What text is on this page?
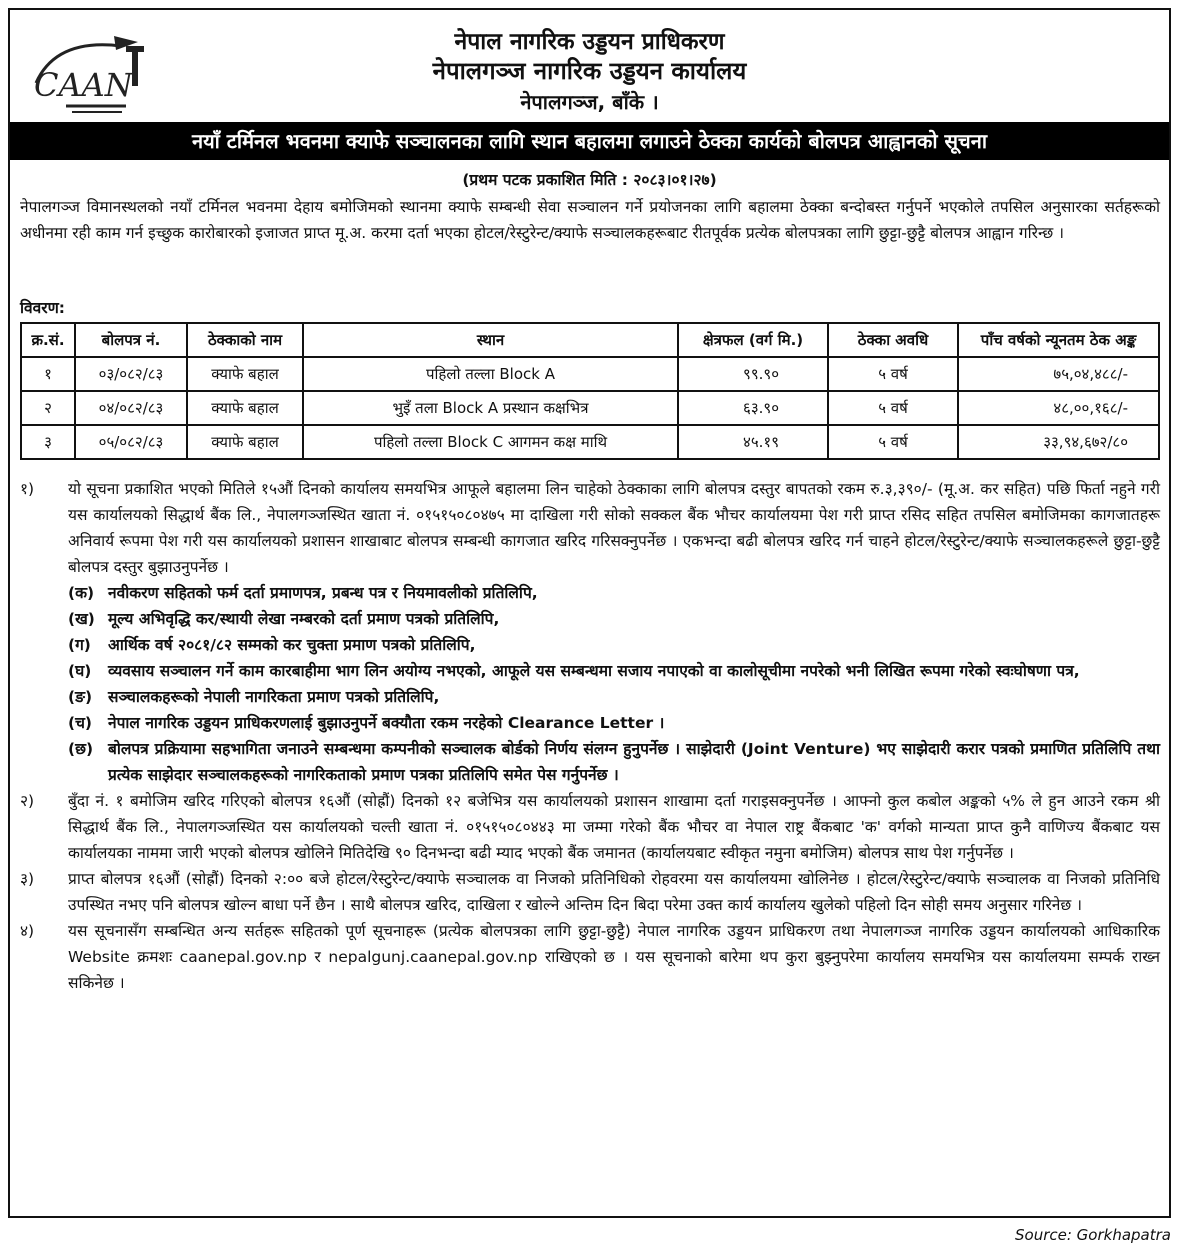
CAAN
नेपाल नागरिक उड्डयन प्राधिकरण
नेपालगञ्ज नागरिक उड्डयन कार्यालय
नेपालगञ्ज, बाँके ।
नयाँ टर्मिनल भवनमा क्याफे सञ्चालनका लागि स्थान बहालमा लगाउने ठेक्का कार्यको बोलपत्र आह्वानको सूचना
(प्रथम पटक प्रकाशित मिति : २०८३।०१।२७)

नेपालगञ्ज विमानस्थलको नयाँ टर्मिनल भवनमा देहाय बमोजिमको स्थानमा क्याफे सम्बन्धी सेवा सञ्चालन गर्ने प्रयोजनका लागि बहालमा ठेक्का बन्दोबस्त गर्नुपर्ने भएकोले तपसिल अनुसारका सर्तहरूको अधीनमा रही काम गर्न इच्छुक कारोबारको इजाजत प्राप्त मू.अ. करमा दर्ता भएका होटल/रेस्टुरेन्ट/क्याफे सञ्चालकहरूबाट रीतपूर्वक प्रत्येक बोलपत्रका लागि छुट्टा-छुट्टै बोलपत्र आह्वान गरिन्छ ।

विवरण:
क्र.सं.	बोलपत्र नं.	ठेक्काको नाम	स्थान	क्षेत्रफल (वर्ग मि.)	ठेक्का अवधि	पाँच वर्षको न्यूनतम ठेक अङ्क
१	०३/०८२/८३	क्याफे बहाल	पहिलो तल्ला Block A	९९.९०	५ वर्ष	७५,०४,४८८/-
२	०४/०८२/८३	क्याफे बहाल	भुइँ तला Block A प्रस्थान कक्षभित्र	६३.९०	५ वर्ष	४८,००,१६८/-
३	०५/०८२/८३	क्याफे बहाल	पहिलो तल्ला Block C आगमन कक्ष माथि	४५.१९	५ वर्ष	३३,९४,६७२/८०
१)	यो सूचना प्रकाशित भएको मितिले १५औं दिनको कार्यालय समयभित्र आफूले बहालमा लिन चाहेको ठेक्काका लागि बोलपत्र दस्तुर बापतको रकम रु.३,३९०/- (मू.अ. कर सहित) पछि फिर्ता नहुने गरी यस कार्यालयको सिद्धार्थ बैंक लि., नेपालगञ्जस्थित खाता नं. ०१५१५०८०४७५ मा दाखिला गरी सोको सक्कल बैंक भौचर कार्यालयमा पेश गरी प्राप्त रसिद सहित तपसिल बमोजिमका कागजातहरू अनिवार्य रूपमा पेश गरी यस कार्यालयको प्रशासन शाखाबाट बोलपत्र सम्बन्धी कागजात खरिद गरिसक्नुपर्नेछ । एकभन्दा बढी बोलपत्र खरिद गर्न चाहने होटल/रेस्टुरेन्ट/क्याफे सञ्चालकहरूले छुट्टा-छुट्टै बोलपत्र दस्तुर बुझाउनुपर्नेछ ।

(क) नवीकरण सहितको फर्म दर्ता प्रमाणपत्र, प्रबन्ध पत्र र नियमावलीको प्रतिलिपि,

(ख) मूल्य अभिवृद्धि कर/स्थायी लेखा नम्बरको दर्ता प्रमाण पत्रको प्रतिलिपि,

(ग)	आर्थिक वर्ष २०८१/८२ सम्मको कर चुक्ता प्रमाण पत्रको प्रतिलिपि,

(घ)	व्यवसाय सञ्चालन गर्ने काम कारबाहीमा भाग लिन अयोग्य नभएको, आफूले यस सम्बन्धमा सजाय नपाएको वा कालोसूचीमा नपरेको भनी लिखित रूपमा गरेको स्वःघोषणा पत्र,

(ङ)	सञ्चालकहरूको नेपाली नागरिकता प्रमाण पत्रको प्रतिलिपि,

(च)	नेपाल नागरिक उड्डयन प्राधिकरणलाई बुझाउनुपर्ने बक्यौता रकम नरहेको Clearance Letter ।

(छ) बोलपत्र प्रक्रियामा सहभागिता जनाउने सम्बन्धमा कम्पनीको सञ्चालक बोर्डको निर्णय संलग्न हुनुपर्नेछ । साझेदारी (Joint Venture) भए साझेदारी करार पत्रको प्रमाणित प्रतिलिपि तथा प्रत्येक साझेदार सञ्चालकहरूको नागरिकताको प्रमाण पत्रका प्रतिलिपि समेत पेस गर्नुपर्नेछ ।

२)	बुँदा नं. १ बमोजिम खरिद गरिएको बोलपत्र १६औं (सोह्रौं) दिनको १२ बजेभित्र यस कार्यालयको प्रशासन शाखामा दर्ता गराइसक्नुपर्नेछ । आफ्नो कुल कबोल अङ्कको ५% ले हुन आउने रकम श्री सिद्धार्थ बैंक लि., नेपालगञ्जस्थित यस कार्यालयको चल्ती खाता नं. ०१५१५०८०४४३ मा जम्मा गरेको बैंक भौचर वा नेपाल राष्ट्र बैंकबाट 'क' वर्गको मान्यता प्राप्त कुनै वाणिज्य बैंकबाट यस कार्यालयका नाममा जारी भएको बोलपत्र खोलिने मितिदेखि ९० दिनभन्दा बढी म्याद भएको बैंक जमानत (कार्यालयबाट स्वीकृत नमुना बमोजिम) बोलपत्र साथ पेश गर्नुपर्नेछ ।

३)	प्राप्त बोलपत्र १६औं (सोह्रौं) दिनको २:०० बजे होटल/रेस्टुरेन्ट/क्याफे सञ्चालक वा निजको प्रतिनिधिको रोहवरमा यस कार्यालयमा खोलिनेछ । होटल/रेस्टुरेन्ट/क्याफे सञ्चालक वा निजको प्रतिनिधि उपस्थित नभए पनि बोलपत्र खोल्न बाधा पर्ने छैन । साथै बोलपत्र खरिद, दाखिला र खोल्ने अन्तिम दिन बिदा परेमा उक्त कार्य कार्यालय खुलेको पहिलो दिन सोही समय अनुसार गरिनेछ ।

४)	यस सूचनासँग सम्बन्धित अन्य सर्तहरू सहितको पूर्ण सूचनाहरू (प्रत्येक बोलपत्रका लागि छुट्टा-छुट्टै) नेपाल नागरिक उड्डयन प्राधिकरण तथा नेपालगञ्ज नागरिक उड्डयन कार्यालयको आधिकारिक Website क्रमशः caanepal.gov.np र nepalgunj.caanepal.gov.np राखिएको छ । यस सूचनाको बारेमा थप कुरा बुझ्नुपरेमा कार्यालय समयभित्र यस कार्यालयमा सम्पर्क राख्न सकिनेछ ।

Source: Gorkhapatra
